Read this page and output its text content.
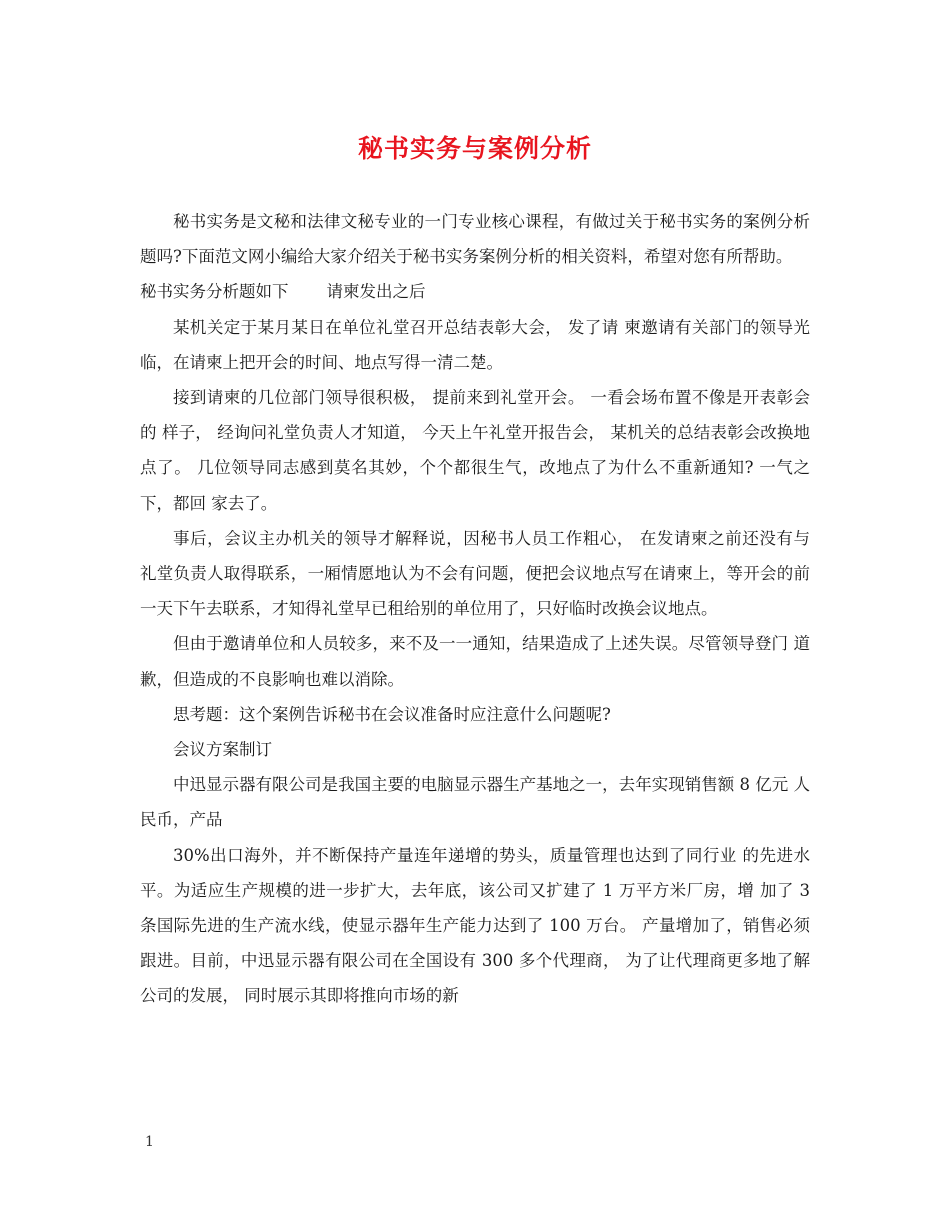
秘书实务与案例分析

秘书实务是文秘和法律文秘专业的一门专业核心课程，有做过关于秘书实务的案例分析题吗?下面范文网小编给大家介绍关于秘书实务案例分析的相关资料，希望对您有所帮助。

秘书实务分析题如下 请柬发出之后

某机关定于某月某日在单位礼堂召开总结表彰大会， 发了请 柬邀请有关部门的领导光 临，在请柬上把开会的时间、地点写得一清二楚。

接到请柬的几位部门领导很积极， 提前来到礼堂开会。 一看会场布置不像是开表彰会的 样子， 经询问礼堂负责人才知道， 今天上午礼堂开报告会， 某机关的总结表彰会改换地点了。 几位领导同志感到莫名其妙，个个都很生气，改地点了为什么不重新通知? 一气之下，都回 家去了。

事后，会议主办机关的领导才解释说，因秘书人员工作粗心， 在发请柬之前还没有与 礼堂负责人取得联系，一厢情愿地认为不会有问题，便把会议地点写在请柬上，等开会的前 一天下午去联系，才知得礼堂早已租给别的单位用了，只好临时改换会议地点。

但由于邀请单位和人员较多，来不及一一通知，结果造成了上述失误。尽管领导登门 道歉，但造成的不良影响也难以消除。

思考题：这个案例告诉秘书在会议准备时应注意什么问题呢?

会议方案制订

中迅显示器有限公司是我国主要的电脑显示器生产基地之一，去年实现销售额 8 亿元 人民币，产品

30%出口海外，并不断保持产量连年递增的势头，质量管理也达到了同行业 的先进水平。为适应生产规模的进一步扩大，去年底，该公司又扩建了 1 万平方米厂房，增 加了 3 条国际先进的生产流水线，使显示器年生产能力达到了 100 万台。 产量增加了，销售必须跟进。目前，中迅显示器有限公司在全国设有 300 多个代理商， 为了让代理商更多地了解公司的发展， 同时展示其即将推向市场的新

1
